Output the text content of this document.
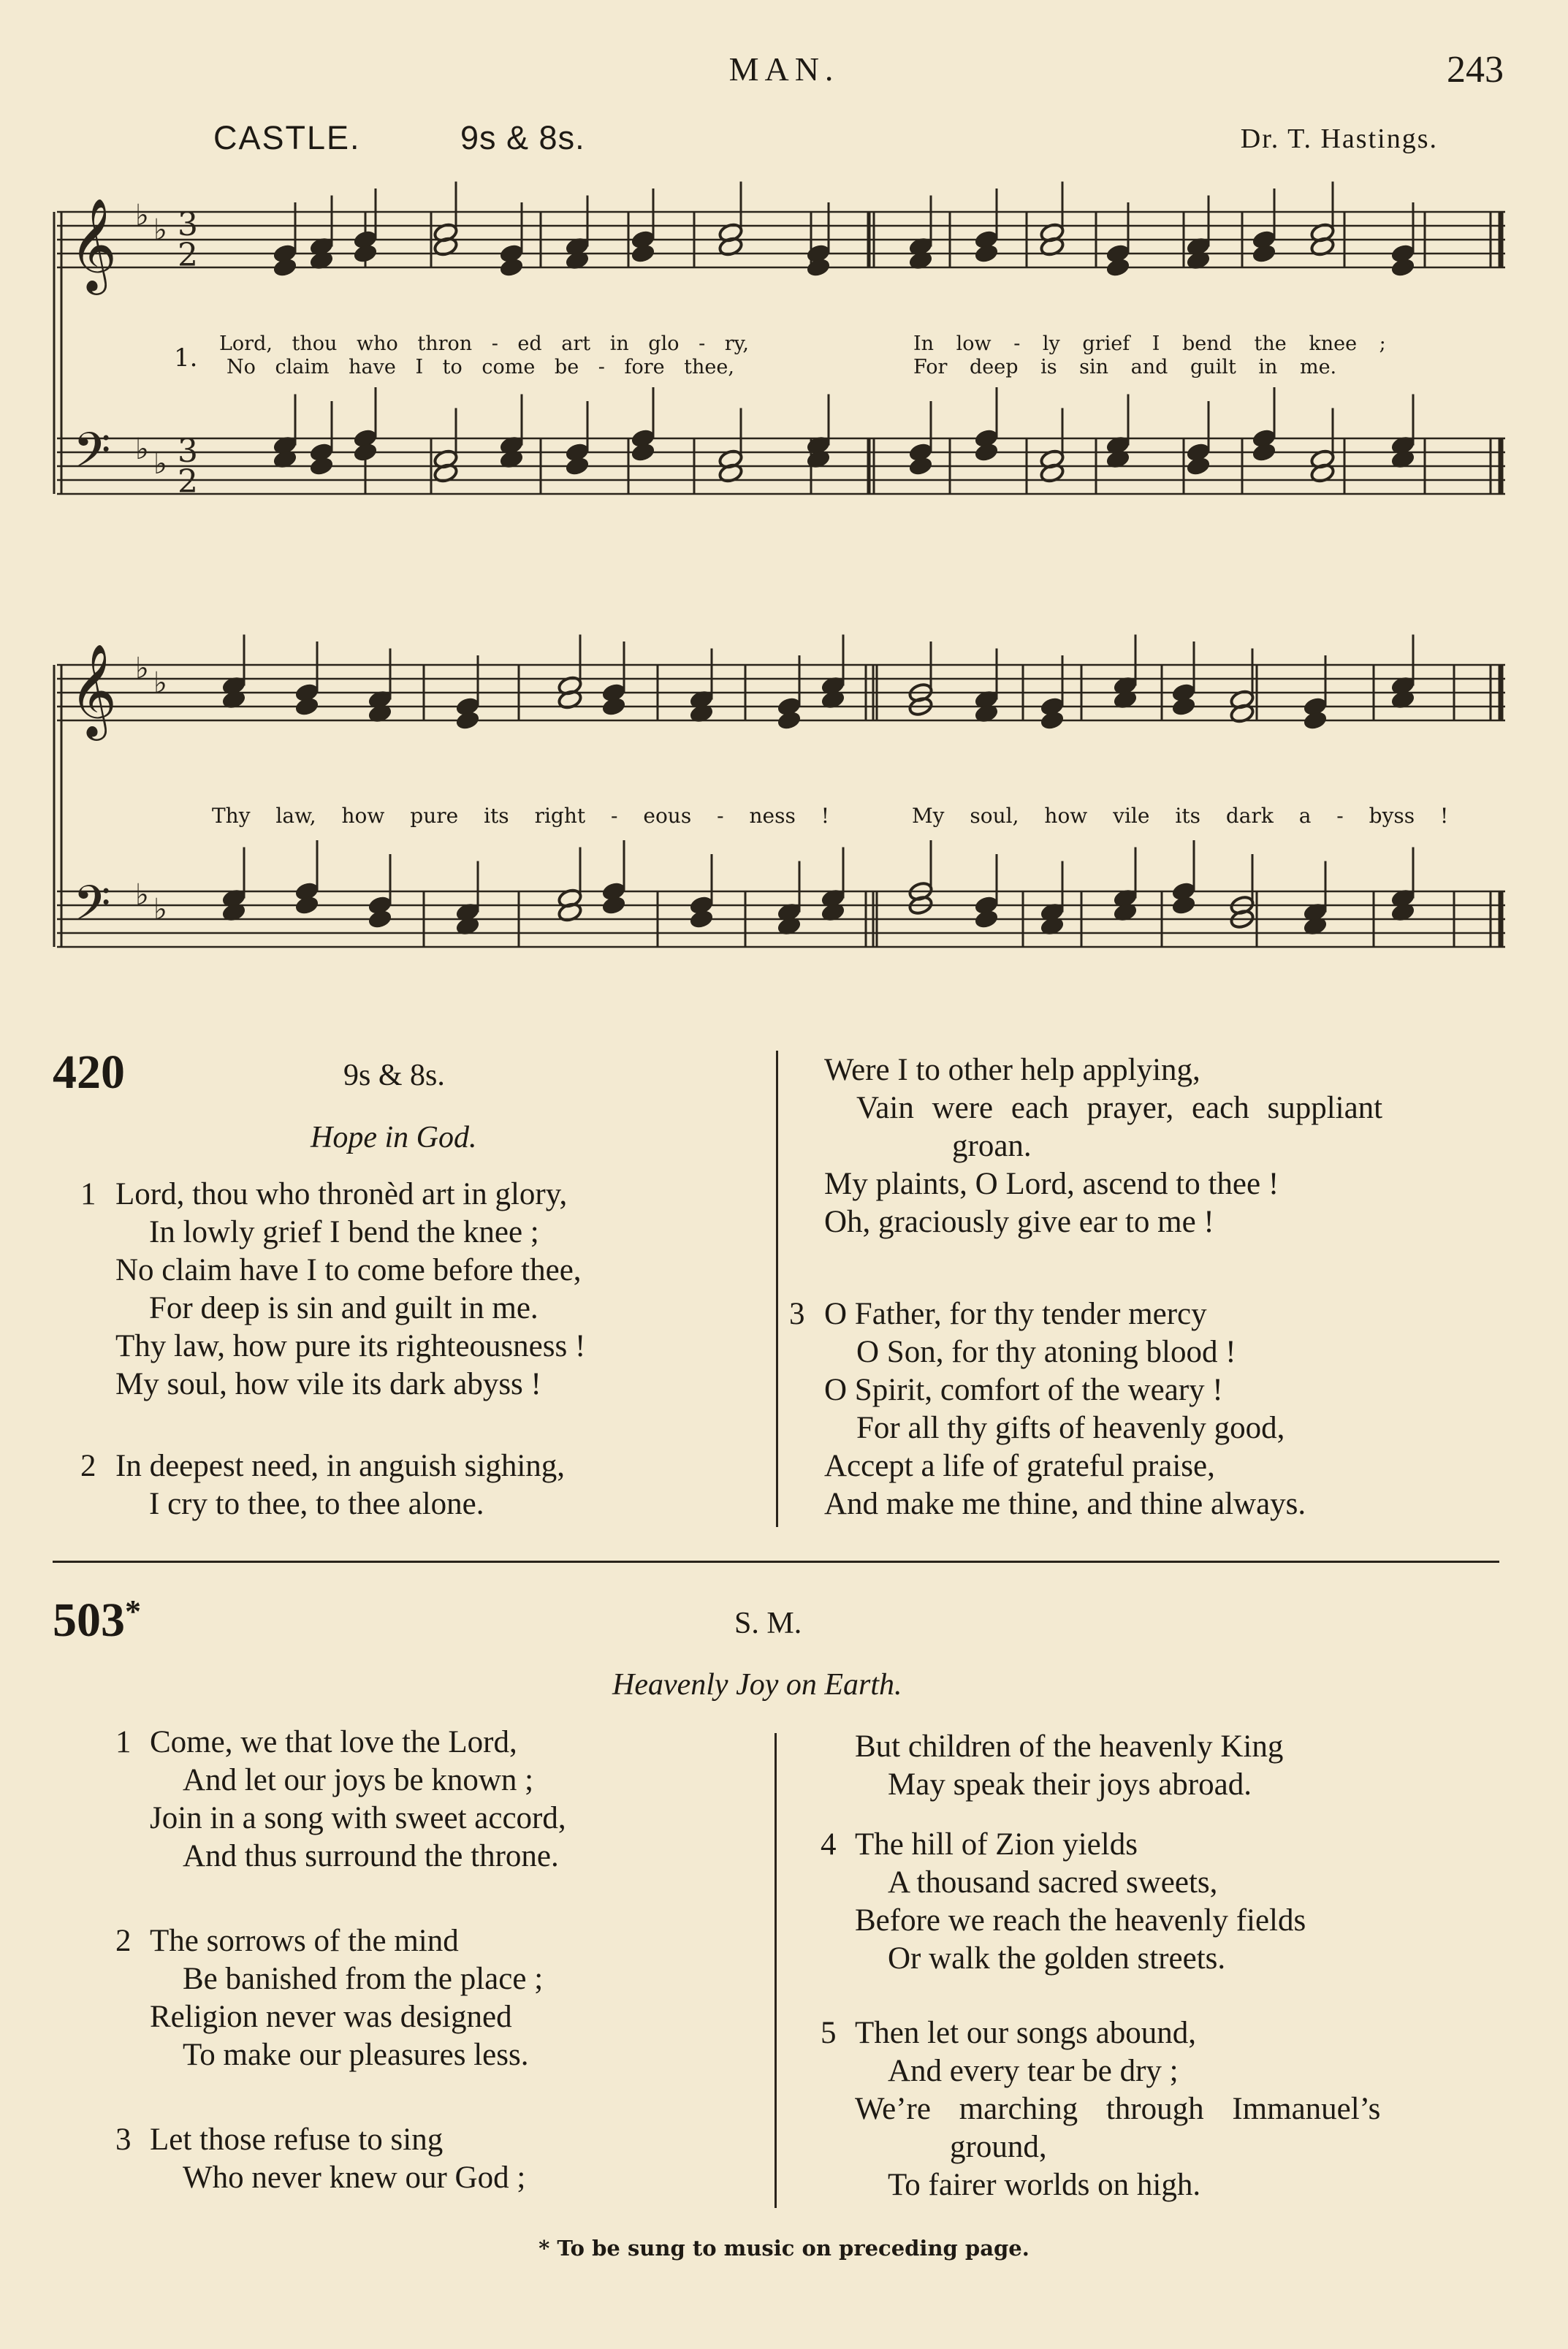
MAN.	243
CASTLE.	9s & 8s.	Dr. T. Hastings.
𝄞
𝄞
𝄢
𝄢
♭ ♭
♭ ♭
♭ ♭
♭ ♭
3
2
3
2
1. Lord, thou who thron - ed art in glo - ry,	In low - ly grief I bend the knee ;
No claim have I to come be - fore thee,	For deep is sin and guilt in me.
Thy law, how pure its right - eous - ness !	My soul, how vile its dark a - byss !
420	9s & 8s.
Hope in God.
1 Lord, thou who thronèd art in glory,
In lowly grief I bend the knee ;
No claim have I to come before thee,
For deep is sin and guilt in me.
Thy law, how pure its righteousness !
My soul, how vile its dark abyss !
2 In deepest need, in anguish sighing,
I cry to thee, to thee alone.
Were I to other help applying,
Vain were each prayer, each suppliant
groan.
My plaints, O Lord, ascend to thee !
Oh, graciously give ear to me !
3 O Father, for thy tender mercy
O Son, for thy atoning blood !
O Spirit, comfort of the weary !
For all thy gifts of heavenly good,
Accept a life of grateful praise,
And make me thine, and thine always.
503*	S. M.
Heavenly Joy on Earth.
1 Come, we that love the Lord,
And let our joys be known ;
Join in a song with sweet accord,
And thus surround the throne.
2 The sorrows of the mind
Be banished from the place ;
Religion never was designed
To make our pleasures less.
3 Let those refuse to sing
Who never knew our God ;
But children of the heavenly King
May speak their joys abroad.
4 The hill of Zion yields
A thousand sacred sweets,
Before we reach the heavenly fields
Or walk the golden streets.
5 Then let our songs abound,
And every tear be dry ;
We’re marching through Immanuel’s
ground,
To fairer worlds on high.
* To be sung to music on preceding page.
